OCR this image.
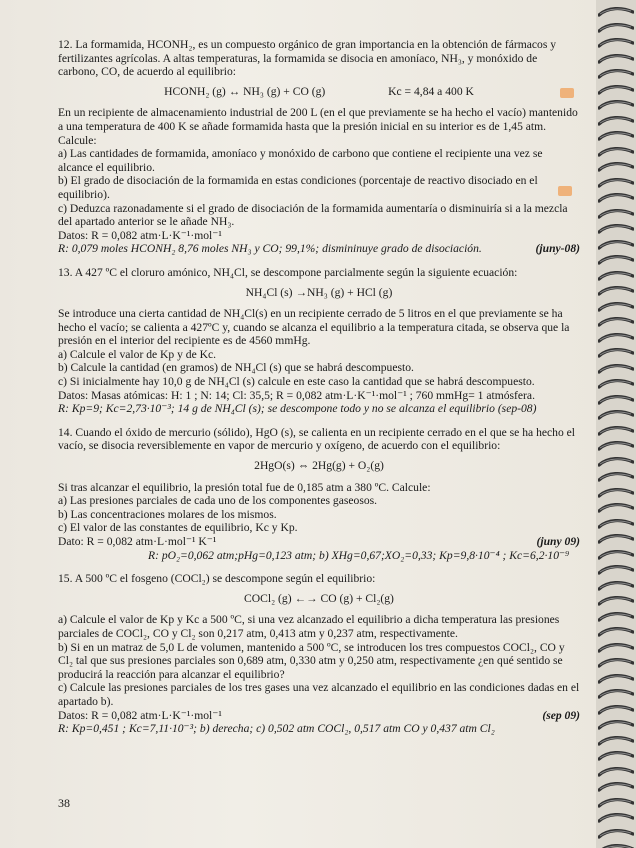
12. La formamida, HCONH₂, es un compuesto orgánico de gran importancia en la obtención de fármacos y fertilizantes agrícolas. A altas temperaturas, la formamida se disocia en amoníaco, NH₃, y monóxido de carbono, CO, de acuerdo al equilibrio:

HCONH₂ (g) ↔ NH₃ (g) + CO (g)	Kc = 4,84 a 400 K

En un recipiente de almacenamiento industrial de 200 L (en el que previamente se ha hecho el vacío) mantenido a una temperatura de 400 K se añade formamida hasta que la presión inicial en su interior es de 1,45 atm. Calcule:

a) Las cantidades de formamida, amoníaco y monóxido de carbono que contiene el recipiente una vez se alcance el equilibrio.

b) El grado de disociación de la formamida en estas condiciones (porcentaje de reactivo disociado en el equilibrio).

c) Deduzca razonadamente si el grado de disociación de la formamida aumentaría o disminuiría si a la mezcla del apartado anterior se le añade NH₃.

Datos: R = 0,082 atm·L·K⁻¹·mol⁻¹

R: 0,079 moles HCONH₂ 8,76 moles NH₃ y CO; 99,1%; dismininuye grado de disociación.	(juny-08)

13. A 427 ºC el cloruro amónico, NH₄Cl, se descompone parcialmente según la siguiente ecuación:

NH₄Cl (s) →NH₃ (g) + HCl (g)

Se introduce una cierta cantidad de NH₄Cl(s) en un recipiente cerrado de 5 litros en el que previamente se ha hecho el vacío; se calienta a 427ºC y, cuando se alcanza el equilibrio a la temperatura citada, se observa que la presión en el interior del recipiente es de 4560 mmHg.

a) Calcule el valor de Kp y de Kc.

b) Calcule la cantidad (en gramos) de NH₄Cl (s) que se habrá descompuesto.

c) Si inicialmente hay 10,0 g de NH₄Cl (s) calcule en este caso la cantidad que se habrá descompuesto.

Datos: Masas atómicas: H: 1 ; N: 14; Cl: 35,5; R = 0,082 atm·L·K⁻¹·mol⁻¹ ; 760 mmHg= 1 atmósfera.

R: Kp=9; Kc=2,73·10⁻³; 14 g de NH₄Cl (s); se descompone todo y no se alcanza el equilibrio (sep-08)

14. Cuando el óxido de mercurio (sólido), HgO (s), se calienta en un recipiente cerrado en el que se ha hecho el vacío, se disocia reversiblemente en vapor de mercurio y oxígeno, de acuerdo con el equilibrio:

2HgO(s) ⇔ 2Hg(g) + O₂(g)

Si tras alcanzar el equilibrio, la presión total fue de 0,185 atm a 380 ºC. Calcule:

a) Las presiones parciales de cada uno de los componentes gaseosos.

b) Las concentraciones molares de los mismos.

c) El valor de las constantes de equilibrio, Kc y Kp.

Dato: R = 0,082 atm·L·mol⁻¹ K⁻¹	(juny 09)

R: pO₂=0,062 atm;pHg=0,123 atm; b) XHg=0,67;XO₂=0,33; Kp=9,8·10⁻⁴ ; Kc=6,2·10⁻⁹

15. A 500 ºC el fosgeno (COCl₂) se descompone según el equilibrio:

COCl₂ (g) ←→ CO (g) + Cl₂(g)

a) Calcule el valor de Kp y Kc a 500 ºC, si una vez alcanzado el equilibrio a dicha temperatura las presiones parciales de COCl₂, CO y Cl₂ son 0,217 atm, 0,413 atm y 0,237 atm, respectivamente.

b) Si en un matraz de 5,0 L de volumen, mantenido a 500 ºC, se introducen los tres compuestos COCl₂, CO y Cl₂ tal que sus presiones parciales son 0,689 atm, 0,330 atm y 0,250 atm, respectivamente ¿en qué sentido se producirá la reacción para alcanzar el equilibrio?

c) Calcule las presiones parciales de los tres gases una vez alcanzado el equilibrio en las condiciones dadas en el apartado b).

Datos: R = 0,082 atm·L·K⁻¹·mol⁻¹	(sep 09)

R: Kp=0,451 ; Kc=7,11·10⁻³; b) derecha; c) 0,502 atm COCl₂, 0,517 atm CO y 0,437 atm Cl₂

38
